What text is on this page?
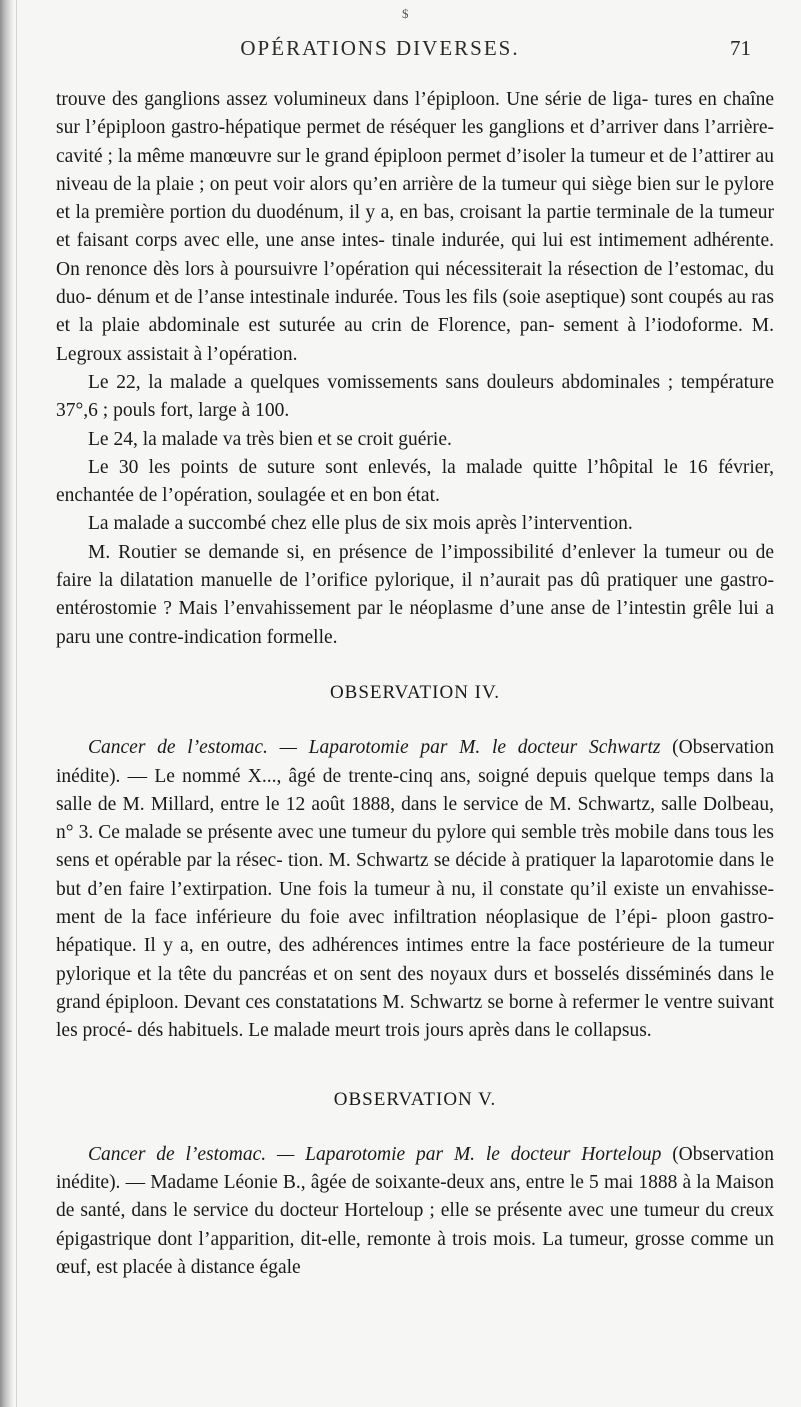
$
OPÉRATIONS DIVERSES.	71

trouve des ganglions assez volumineux dans l’épiploon. Une série de liga- tures en chaîne sur l’épiploon gastro-hépatique permet de réséquer les ganglions et d’arriver dans l’arrière-cavité ; la même manœuvre sur le grand épiploon permet d’isoler la tumeur et de l’attirer au niveau de la plaie ; on peut voir alors qu’en arrière de la tumeur qui siège bien sur le pylore et la première portion du duodénum, il y a, en bas, croisant la partie terminale de la tumeur et faisant corps avec elle, une anse intes- tinale indurée, qui lui est intimement adhérente. On renonce dès lors à poursuivre l’opération qui nécessiterait la résection de l’estomac, du duo- dénum et de l’anse intestinale indurée. Tous les fils (soie aseptique) sont coupés au ras et la plaie abdominale est suturée au crin de Florence, pan- sement à l’iodoforme. M. Legroux assistait à l’opération.

Le 22, la malade a quelques vomissements sans douleurs abdominales ; température 37°,6 ; pouls fort, large à 100.

Le 24, la malade va très bien et se croit guérie.

Le 30 les points de suture sont enlevés, la malade quitte l’hôpital le 16 février, enchantée de l’opération, soulagée et en bon état.

La malade a succombé chez elle plus de six mois après l’intervention.

M. Routier se demande si, en présence de l’impossibilité d’enlever la tumeur ou de faire la dilatation manuelle de l’orifice pylorique, il n’aurait pas dû pratiquer une gastro-entérostomie ? Mais l’envahissement par le néoplasme d’une anse de l’intestin grêle lui a paru une contre-indication formelle.

OBSERVATION IV.

Cancer de l’estomac. — Laparotomie par M. le docteur Schwartz (Observation inédite). — Le nommé X..., âgé de trente-cinq ans, soigné depuis quelque temps dans la salle de M. Millard, entre le 12 août 1888, dans le service de M. Schwartz, salle Dolbeau, n° 3. Ce malade se présente avec une tumeur du pylore qui semble très mobile dans tous les sens et opérable par la résec- tion. M. Schwartz se décide à pratiquer la laparotomie dans le but d’en faire l’extirpation. Une fois la tumeur à nu, il constate qu’il existe un envahisse- ment de la face inférieure du foie avec infiltration néoplasique de l’épi- ploon gastro-hépatique. Il y a, en outre, des adhérences intimes entre la face postérieure de la tumeur pylorique et la tête du pancréas et on sent des noyaux durs et bosselés disséminés dans le grand épiploon. Devant ces constatations M. Schwartz se borne à refermer le ventre suivant les procé- dés habituels. Le malade meurt trois jours après dans le collapsus.

OBSERVATION V.

Cancer de l’estomac. — Laparotomie par M. le docteur Horteloup (Observation inédite). — Madame Léonie B., âgée de soixante-deux ans, entre le 5 mai 1888 à la Maison de santé, dans le service du docteur Horteloup ; elle se présente avec une tumeur du creux épigastrique dont l’apparition, dit-elle, remonte à trois mois. La tumeur, grosse comme un œuf, est placée à distance égale
